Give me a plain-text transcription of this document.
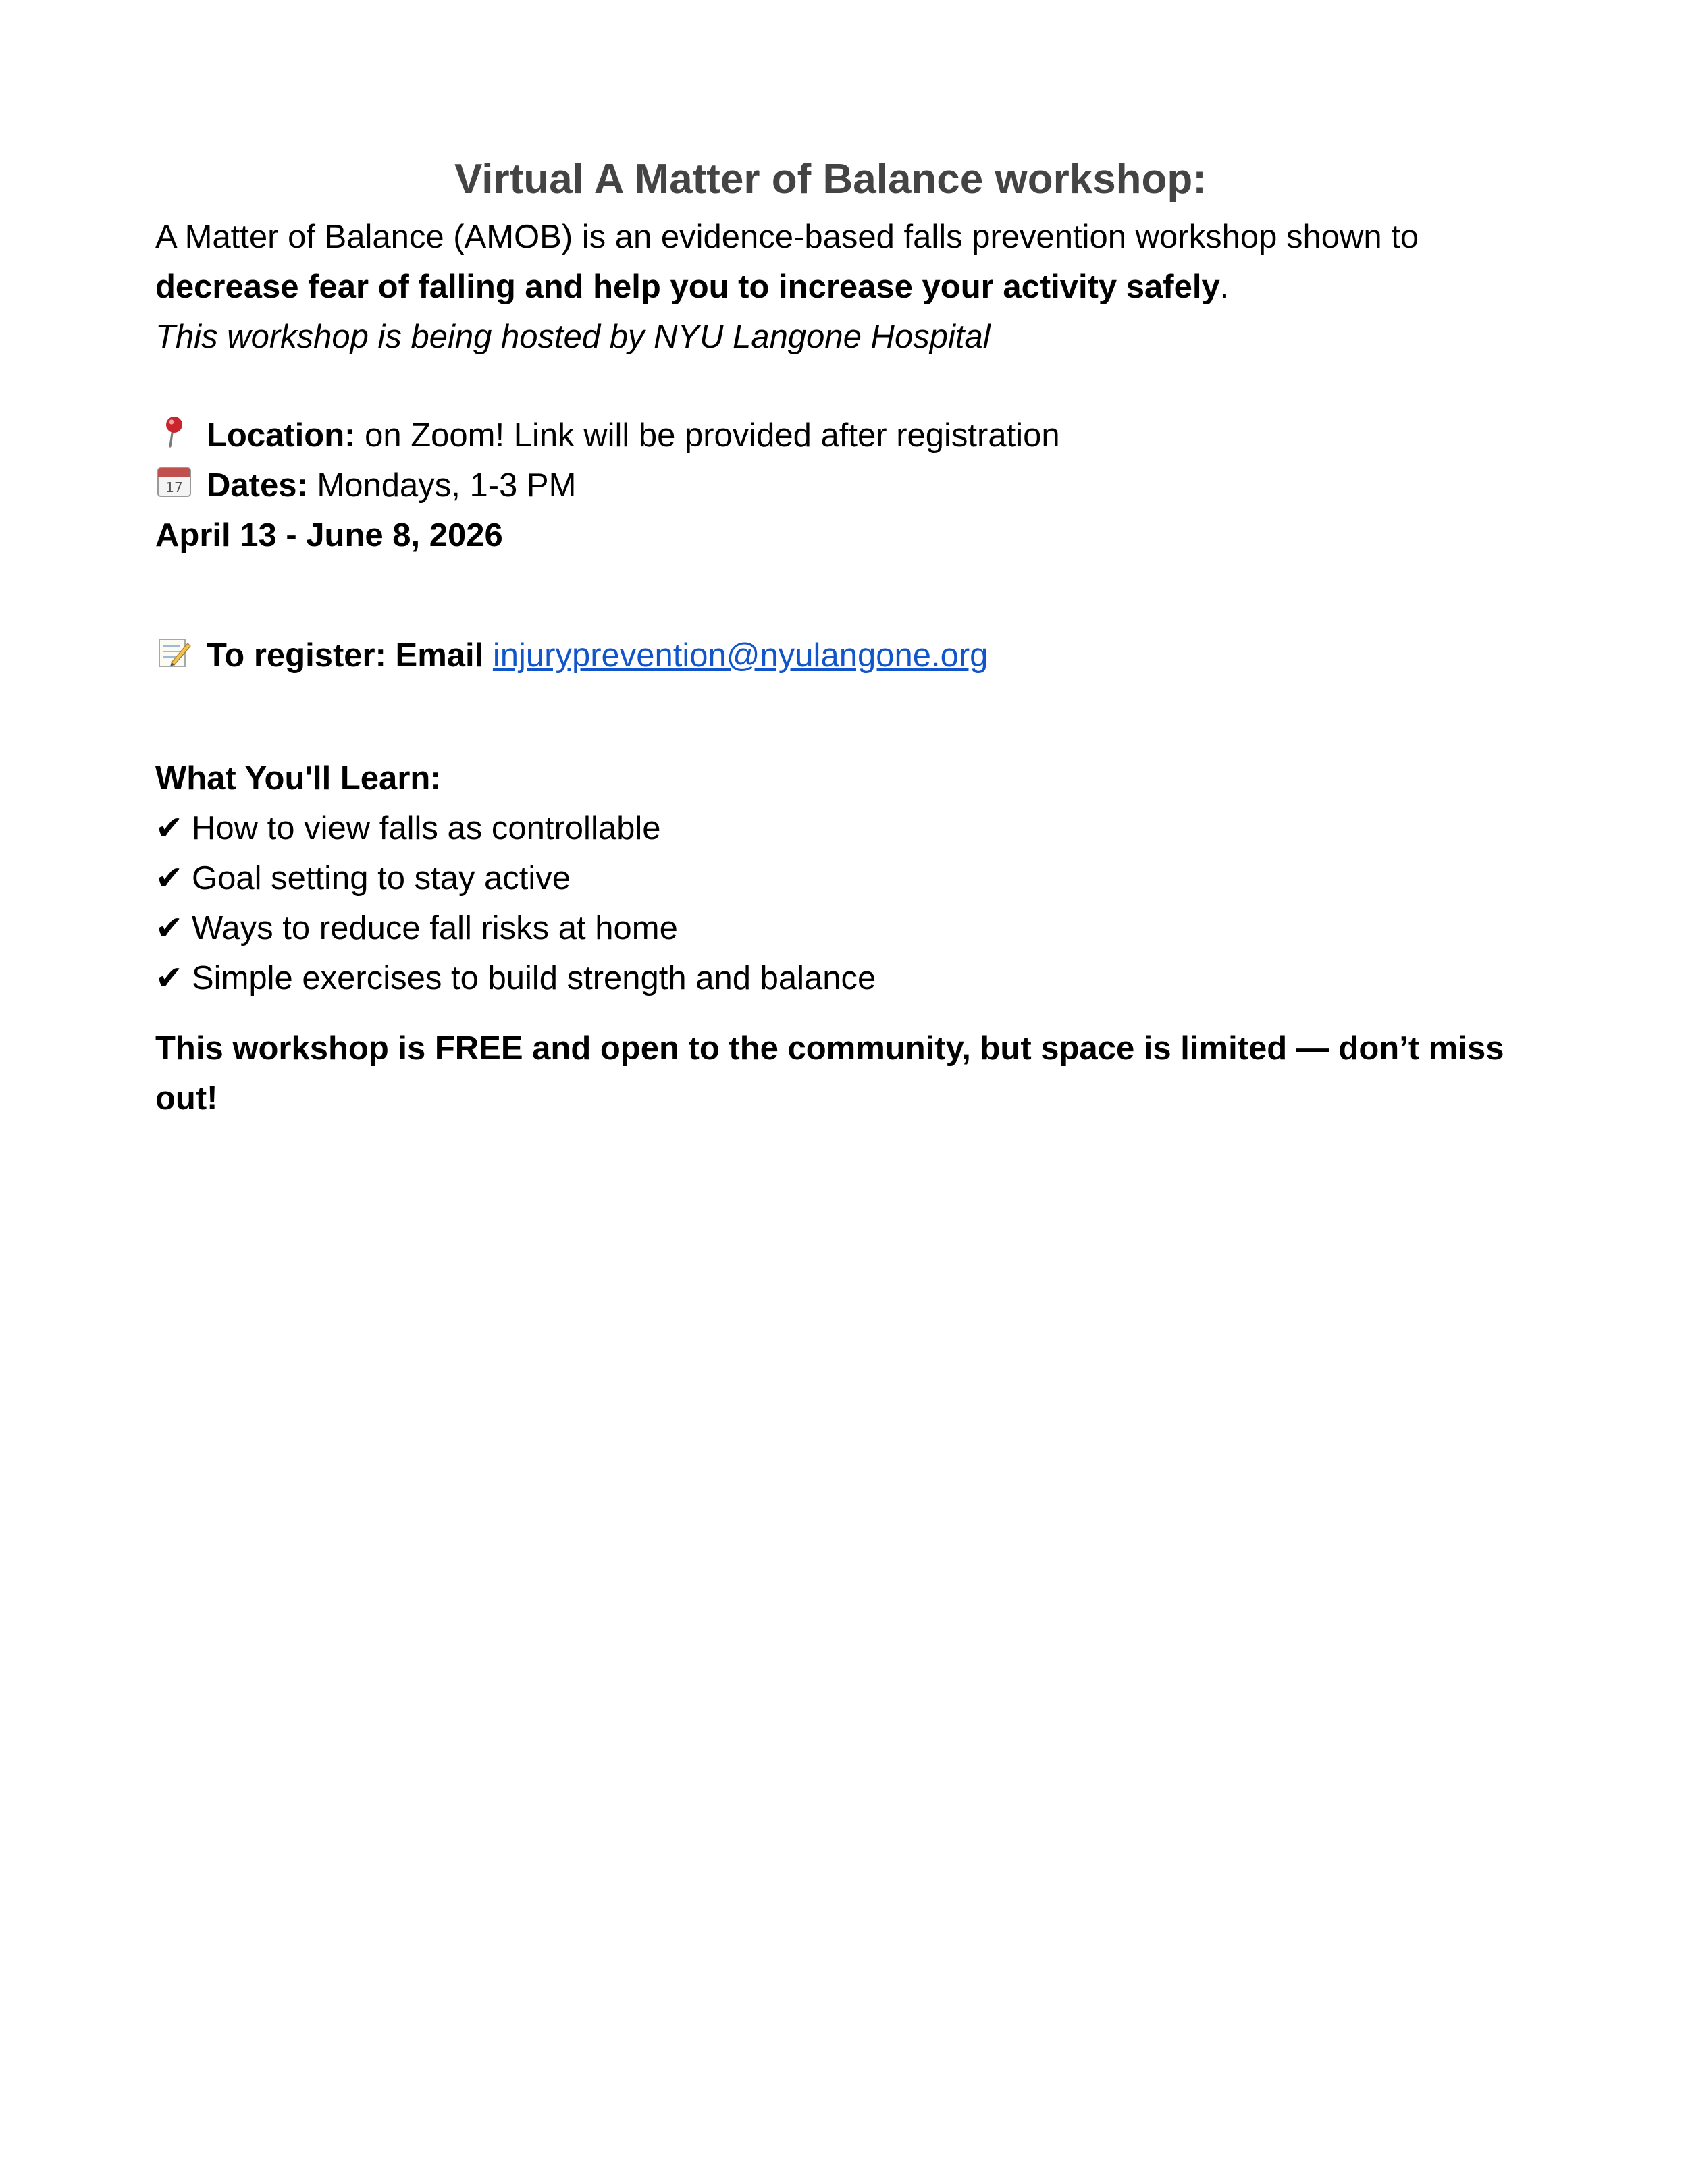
Virtual A Matter of Balance workshop:

A Matter of Balance (AMOB) is an evidence-based falls prevention workshop shown to

decrease fear of falling and help you to increase your activity safely.

This workshop is being hosted by NYU Langone Hospital

Location: on Zoom! Link will be provided after registration

17 Dates: Mondays, 1-3 PM

April 13 - June 8, 2026

To register: Email injuryprevention@nyulangone.org

What You'll Learn:

✔ How to view falls as controllable

✔ Goal setting to stay active

✔ Ways to reduce fall risks at home

✔ Simple exercises to build strength and balance

This workshop is FREE and open to the community, but space is limited — don’t miss out!
